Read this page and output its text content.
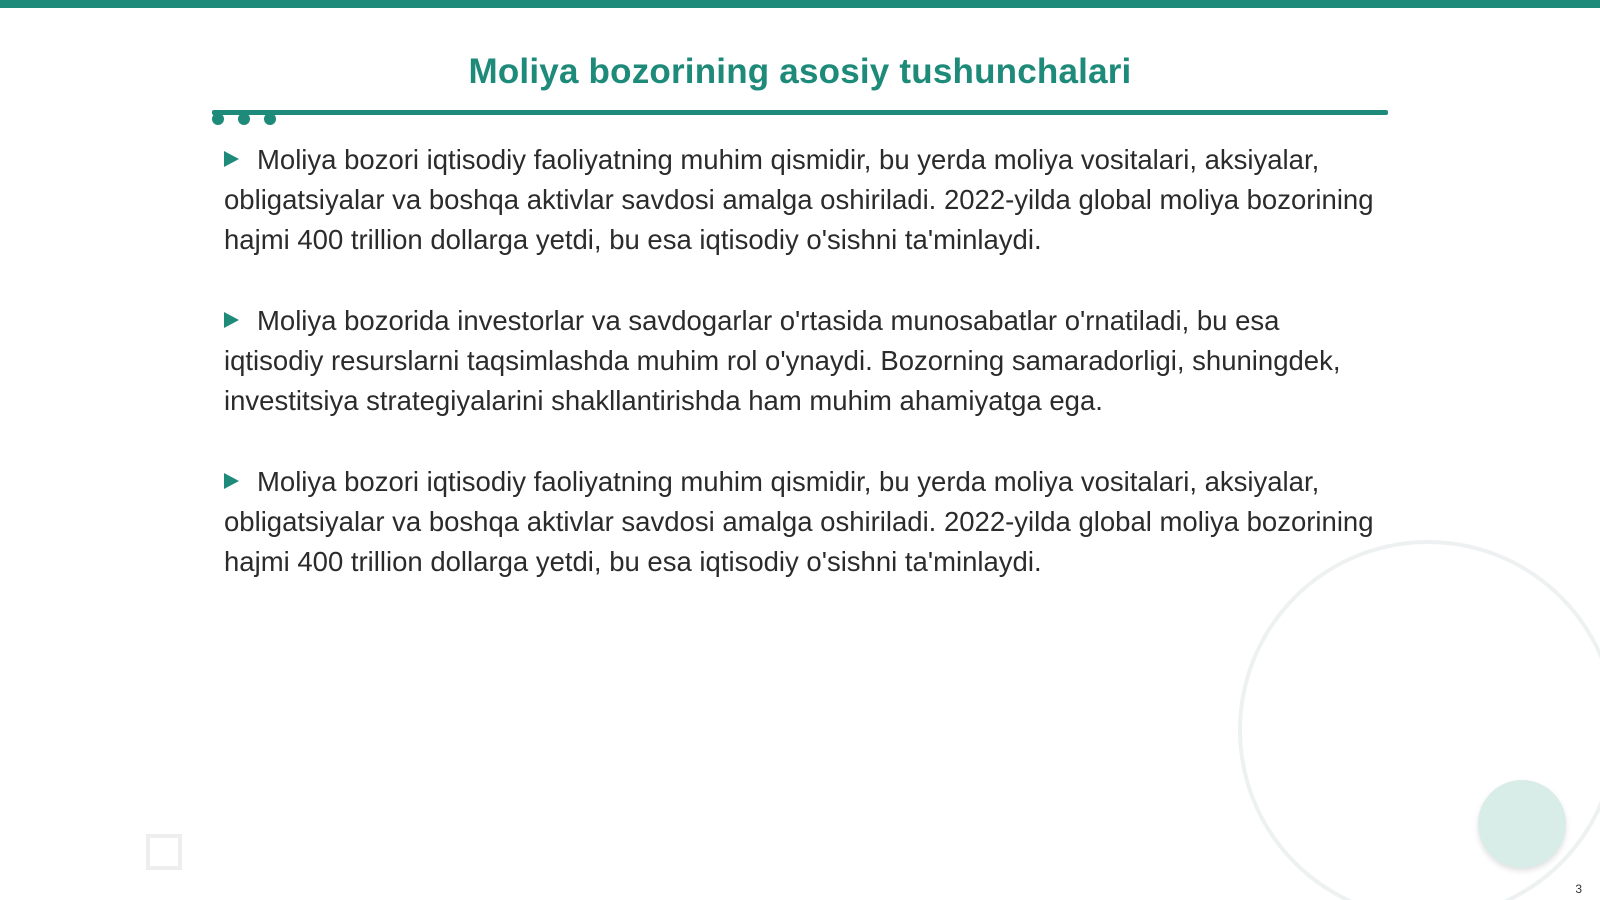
Moliya bozorining asosiy tushunchalari

Moliya bozori iqtisodiy faoliyatning muhim qismidir, bu yerda moliya vositalari, aksiyalar, obligatsiyalar va boshqa aktivlar savdosi amalga oshiriladi. 2022-yilda global moliya bozorining hajmi 400 trillion dollarga yetdi, bu esa iqtisodiy o'sishni ta'minlaydi.

Moliya bozorida investorlar va savdogarlar o'rtasida munosabatlar o'rnatiladi, bu esa iqtisodiy resurslarni taqsimlashda muhim rol o'ynaydi. Bozorning samaradorligi, shuningdek, investitsiya strategiyalarini shakllantirishda ham muhim ahamiyatga ega.

Moliya bozori iqtisodiy faoliyatning muhim qismidir, bu yerda moliya vositalari, aksiyalar, obligatsiyalar va boshqa aktivlar savdosi amalga oshiriladi. 2022-yilda global moliya bozorining hajmi 400 trillion dollarga yetdi, bu esa iqtisodiy o'sishni ta'minlaydi.

3
